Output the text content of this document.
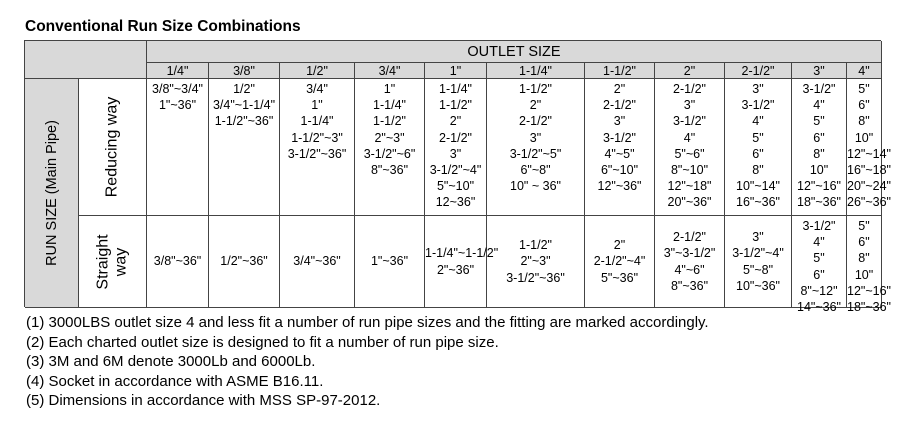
Conventional Run Size Combinations
OUTLET SIZE
RUN SIZE (Main Pipe)	Reducing way
Straight way
1/4"
3/8"~3/4"
1"~36"
3/8"~36"
3/8"
1/2"
3/4"~1-1/4"
1-1/2"~36"
1/2"~36"
1/2"
3/4"
1"
1-1/4"
1-1/2"~3"
3-1/2"~36"
3/4"~36"
3/4"
1"
1-1/4"
1-1/2"
2"~3"
3-1/2"~6"
8"~36"
1"~36"
1"
1-1/4"
1-1/2"
2"
2-1/2"
3"
3-1/2"~4"
5"~10"
12~36"
1-1/4"~1-1/2"
2"~36"
1-1/4"
1-1/2"
2"
2-1/2"
3"
3-1/2"~5"
6"~8"
10" ~ 36"
1-1/2"
2"~3"
3-1/2"~36"
1-1/2"
2"
2-1/2"
3"
3-1/2"
4"~5"
6"~10"
12"~36"
2"
2-1/2"~4"
5"~36"
2"
2-1/2"
3"
3-1/2"
4"
5"~6"
8"~10"
12"~18"
20"~36"
2-1/2"
3"~3-1/2"
4"~6"
8"~36"
2-1/2"
3"
3-1/2"
4"
5"
6"
8"
10"~14"
16"~36"
3"
3-1/2"~4"
5"~8"
10"~36"
3"
3-1/2"
4"
5"
6"
8"
10"
12"~16"
18"~36"
3-1/2"
4"
5"
6"
8"~12"
14"~36"
4"
5"
6"
8"
10"
12"~14"
16"~18"
20"~24"
26"~36"
5"
6"
8"
10"
12"~16"
18"~36"
(1) 3000LBS outlet size 4 and less fit a number of run pipe sizes and the fitting are marked accordingly.
(2) Each charted outlet size is designed to fit a number of run pipe size.
(3) 3M and 6M denote 3000Lb and 6000Lb.
(4) Socket in accordance with ASME B16.11.
(5) Dimensions in accordance with MSS SP-97-2012.
